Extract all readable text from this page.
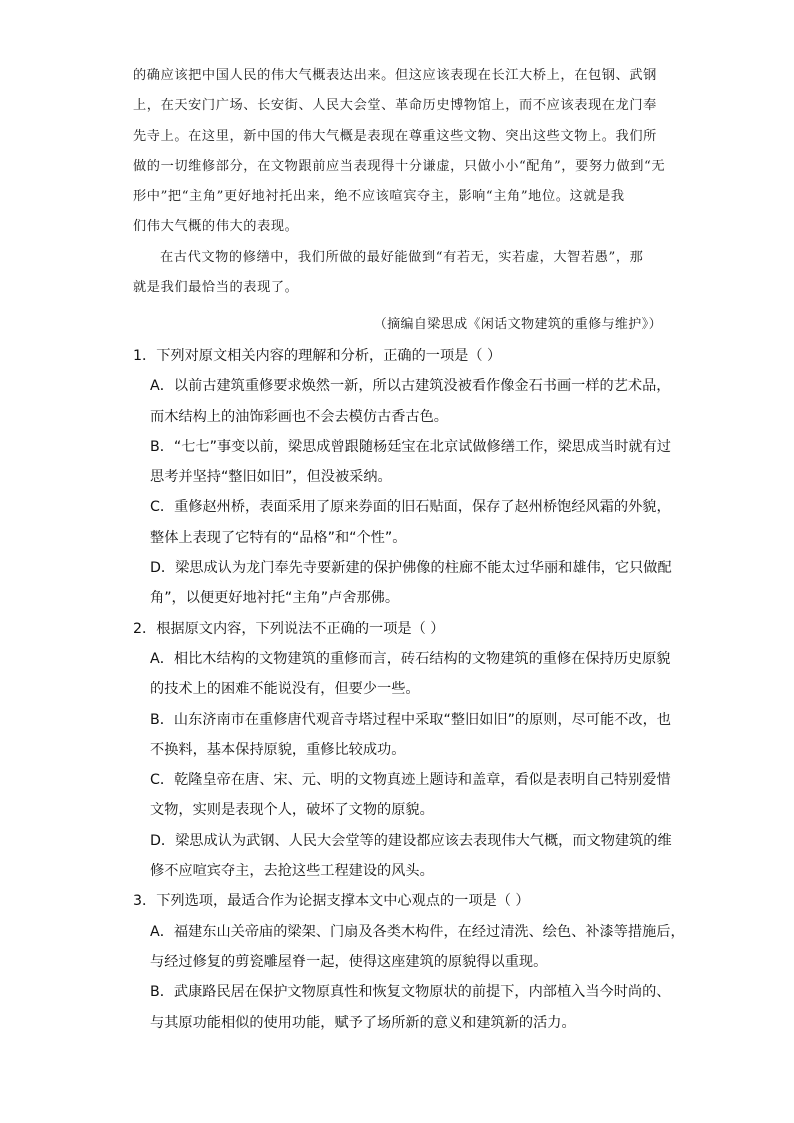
的确应该把中国人民的伟大气概表达出来。但这应该表现在长江大桥上，在包钢、武钢
上，在天安门广场、长安街、人民大会堂、革命历史博物馆上，而不应该表现在龙门奉
先寺上。在这里，新中国的伟大气概是表现在尊重这些文物、突出这些文物上。我们所
做的一切维修部分，在文物跟前应当表现得十分谦虚，只做小小“配角”，要努力做到“无
形中”把“主角”更好地衬托出来，绝不应该喧宾夺主，影响“主角”地位。这就是我
们伟大气概的伟大的表现。
在古代文物的修缮中，我们所做的最好能做到“有若无，实若虚，大智若愚”，那
就是我们最恰当的表现了。
（摘编自梁思成《闲话文物建筑的重修与维护》）
1．下列对原文相关内容的理解和分析，正确的一项是（ ）
A．以前古建筑重修要求焕然一新，所以古建筑没被看作像金石书画一样的艺术品，
而木结构上的油饰彩画也不会去模仿古香古色。
B．“七七”事变以前，梁思成曾跟随杨廷宝在北京试做修缮工作，梁思成当时就有过
思考并坚持“整旧如旧”，但没被采纳。
C．重修赵州桥，表面采用了原来券面的旧石贴面，保存了赵州桥饱经风霜的外貌，
整体上表现了它特有的“品格”和“个性”。
D．梁思成认为龙门奉先寺要新建的保护佛像的柱廊不能太过华丽和雄伟，它只做配
角”，以便更好地衬托“主角”卢舍那佛。
2．根据原文内容，下列说法不正确的一项是（ ）
A．相比木结构的文物建筑的重修而言，砖石结构的文物建筑的重修在保持历史原貌
的技术上的困难不能说没有，但要少一些。
B．山东济南市在重修唐代观音寺塔过程中采取“整旧如旧”的原则，尽可能不改，也
不换料，基本保持原貌，重修比较成功。
C．乾隆皇帝在唐、宋、元、明的文物真迹上题诗和盖章，看似是表明自己特别爱惜
文物，实则是表现个人，破坏了文物的原貌。
D．梁思成认为武钢、人民大会堂等的建设都应该去表现伟大气概，而文物建筑的维
修不应喧宾夺主，去抢这些工程建设的风头。
3．下列选项，最适合作为论据支撑本文中心观点的一项是（ ）
A．福建东山关帝庙的梁架、门扇及各类木构件，在经过清洗、绘色、补漆等措施后，
与经过修复的剪瓷雕屋脊一起，使得这座建筑的原貌得以重现。
B．武康路民居在保护文物原真性和恢复文物原状的前提下，内部植入当今时尚的、
与其原功能相似的使用功能，赋予了场所新的意义和建筑新的活力。
